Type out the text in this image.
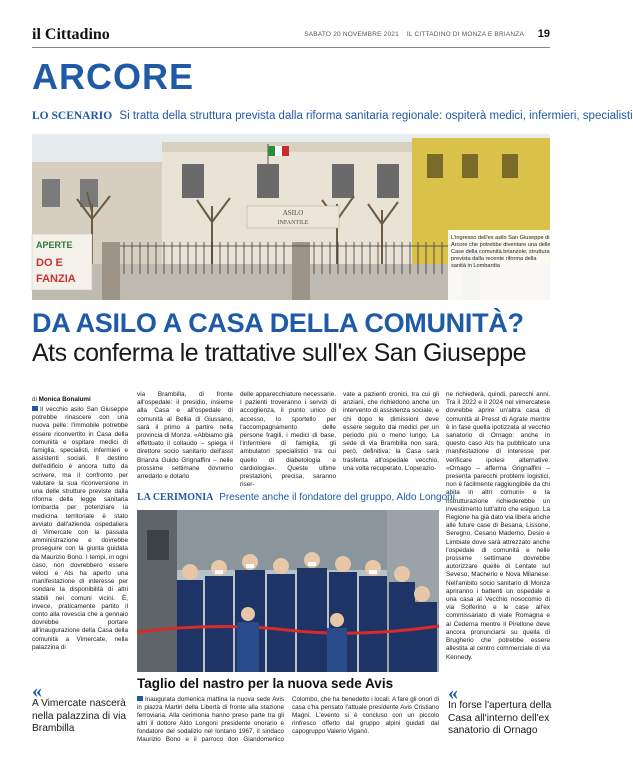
il Cittadino	SABATO 20 NOVEMBRE 2021 IL CITTADINO DI MONZA E BRIANZA 19
ARCORE
LO SCENARIO Si tratta della struttura prevista dalla riforma sanitaria regionale: ospiterà medici, infermieri, specialisti
ASILO
INFANTILE
APERTE
DO E
FANZIA
L'ingresso dell'ex asilo San Giuseppe di Arcore che potrebbe diventare una delle Case della comunità brianzole, struttura prevista dalla recente riforma della sanità in Lombardia
DA ASILO A CASA DELLA COMUNITÀ?
Ats conferma le trattative sull'ex San Giuseppe
di Monica Bonalumi
Il vecchio asilo San Giuseppe potrebbe rinascere con una nuova pelle: l'immobile potrebbe essere riconvertito in Casa della comunità e ospitare medici di famiglia, specialisti, infermieri e assistenti sociali. Il destino dell'edificio è ancora tutto da scrivere, ma il confronto per valutare la sua riconversione in una delle strutture previste dalla riforma della legge sanitaria lombarda per potenziare la medicina territoriale è stato avviato dall'azienda ospedaliera di Vimercate con la passata amministrazione e dovrebbe proseguire con la giunta guidata da Maurizio Bono. I tempi, in ogni caso, non dovrebbero essere veloci e Ats ha aperto una manifestazione di interesse per sondare la disponibilità di altri stabili nei comuni vicini. È, invece, praticamente partito il conto alla rovescia che a gennaio dovrebbe portare all'inaugurazione della Casa della comunità a Vimercate, nella palazzina di
via Brambilla, di fronte all'ospedale: il presidio, insieme alla Casa e all'ospedale di comunità al Bellia di Giussano, sarà il primo a partire nella provincia di Monza. «Abbiamo già effettuato il collaudo – spiega il direttore socio sanitario dell'asst Brianza Guido Grignaffini – nelle prossime settimane dovremo arredarlo e dotarlo
delle apparecchiature necessarie. I pazienti troveranno i servizi di accoglienza, il punto unico di accesso, lo sportello per l'accompagnamento delle persone fragili, i medici di base, l'infermiere di famiglia, gli ambulatori specialistici tra cui quello di diabetologia e cardiologia». Queste ultime prestazioni, precisa, saranno riser-
vate a pazienti cronici, tra cui gli anziani, che richiedono anche un intervento di assistenza sociale, e chi dopo le dimissioni deve essere seguito dai medici per un periodo più o meno lungo. La sede di via Brambilla non sarà, però, definitiva: la Casa sarà trasferita all'ospedale vecchio, una volta recuperato. L'operazio-
ne richiederà, quindi, parecchi anni. Tra il 2022 e il 2024 nel vimercatese dovrebbe aprire un'altra casa di comunità al Presst di Agrate mentre è in fase quella ipotizzata al vecchio sanatorio di Ornago: anche in questo caso Ats ha pubblicato una manifestazione di interesse per verificare ipotesi alternative. «Ornago – afferma Grignaffini – presenta parecchi problemi logistici, non è facilmente raggiungibile da chi abita in altri comuni» e la ristrutturazione richiederebbe un investimento tutt'altro che esiguo. La Regione ha già dato via libera anche alle future case di Besana, Lissone, Seregno, Cesano Maderno, Desio e Limbiate dove sarà attrezzato anche l'ospedale di comunità e nelle prossime settimane dovrebbe autorizzare quelle di Lentate sul Seveso, Macherio e Nova Milanese. Nell'ambito socio sanitario di Monza apriranno i battenti un ospedale e una casa al Vecchio nosocomio di via Solferino e le case all'ex commissariato di viale Romagna e al Cederna mentre il Pirellone deve ancora pronunciarsi su quella di Brugherio che potrebbe essere allestita al centro commerciale di via Kennedy.
LA CERIMONIA Presente anche il fondatore del gruppo, Aldo Longoni
Taglio del nastro per la nuova sede Avis
Inaugurata domenica mattina la nuova sede Avis in piazza Martiri della Libertà di fronte alla stazione ferroviaria. Alla cerimonia hanno preso parte tra gli altri il dottore Aldo Longoni presidente onorario e fondatore del sodalizio nel lontano 1967, il sindaco Maurizio Bono e il parroco don Giandomenico Colombo, che ha benedetto i locali. A fare gli onori di casa c'ha pensato l'attuale presidente Avis Cristiano Magni. L'evento si è concluso con un piccolo rinfresco offerto dal gruppo alpini guidati dal capogruppo Valerio Viganò.
«
A Vimercate nascerà nella palazzina di via Brambilla
«
In forse l'apertura della Casa all'interno dell'ex sanatorio di Ornago
